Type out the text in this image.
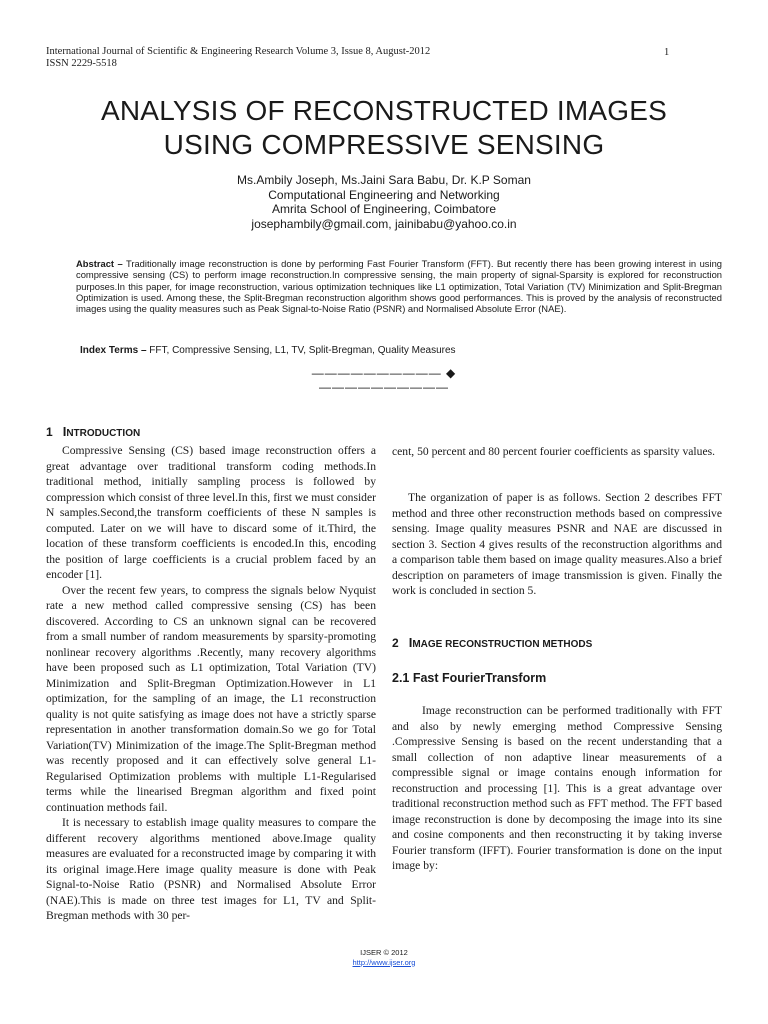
International Journal of Scientific & Engineering Research Volume 3, Issue 8, August-2012
ISSN 2229-5518
1
ANALYSIS OF RECONSTRUCTED IMAGES
USING COMPRESSIVE SENSING
Ms.Ambily Joseph, Ms.Jaini Sara Babu, Dr. K.P Soman
Computational Engineering and Networking
Amrita School of Engineering, Coimbatore
josephambily@gmail.com, jainibabu@yahoo.co.in
Abstract – Traditionally image reconstruction is done by performing Fast Fourier Transform (FFT). But recently there has been growing interest in using compressive sensing (CS) to perform image reconstruction.In compressive sensing, the main property of signal-Sparsity is explored for reconstruction purposes.In this paper, for image reconstruction, various optimization techniques like L1 optimization, Total Variation (TV) Minimization and Split-Bregman Optimization is used. Among these, the Split-Bregman reconstruction algorithm shows good performances. This is proved by the analysis of reconstructed images using the quality measures such as Peak Signal-to-Noise Ratio (PSNR) and Normalised Absolute Error (NAE).
Index Terms – FFT, Compressive Sensing, L1, TV, Split-Bregman, Quality Measures
—————————— ◆ ——————————
1 INTRODUCTION

Compressive Sensing (CS) based image reconstruction offers a great advantage over traditional transform coding methods.In traditional method, initially sampling process is followed by compression which consist of three level.In this, first we must consider N samples.Second,the transform coefficients of these N samples is computed. Later on we will have to discard some of it.Third, the location of these transform coefficients is encoded.In this, encoding the position of large coefficients is a crucial problem faced by an encoder [1].

Over the recent few years, to compress the signals below Nyquist rate a new method called compressive sensing (CS) has been discovered. According to CS an unknown signal can be recovered from a small number of random measurements by sparsity-promoting nonlinear recovery algorithms .Recently, many recovery algorithms have been proposed such as L1 optimization, Total Variation (TV) Minimization and Split-Bregman Optimization.However in L1 optimization, for the sampling of an image, the L1 reconstruction quality is not quite satisfying as image does not have a strictly sparse representation in another transformation domain.So we go for Total Variation(TV) Minimization of the image.The Split-Bregman method was recently proposed and it can effectively solve general L1-Regularised Optimization problems with multiple L1-Regularised terms while the linearised Bregman algorithm and fixed point continuation methods fail.

It is necessary to establish image quality measures to compare the different recovery algorithms mentioned above.Image quality measures are evaluated for a reconstructed image by comparing it with its original image.Here image quality measure is done with Peak Signal-to-Noise Ratio (PSNR) and Normalised Absolute Error (NAE).This is made on three test images for L1, TV and Split-Bregman methods with 30 per-

cent, 50 percent and 80 percent fourier coefficients as sparsity values.

The organization of paper is as follows. Section 2 describes FFT method and three other reconstruction methods based on compressive sensing. Image quality measures PSNR and NAE are discussed in section 3. Section 4 gives results of the reconstruction algorithms and a comparison table them based on image quality measures.Also a brief description on parameters of image transmission is given. Finally the work is concluded in section 5.

2 IMAGE RECONSTRUCTION METHODS
2.1 Fast FourierTransform

Image reconstruction can be performed traditionally with FFT and also by newly emerging method Compressive Sensing .Compressive Sensing is based on the recent understanding that a small collection of non adaptive linear measurements of a compressible signal or image contains enough information for reconstruction and processing [1]. This is a great advantage over traditional reconstruction method such as FFT method. The FFT based image reconstruction is done by decomposing the image into its sine and cosine components and then reconstructing it by taking inverse Fourier transform (IFFT). Fourier transformation is done on the input image by:

IJSER © 2012
http://www.ijser.org
